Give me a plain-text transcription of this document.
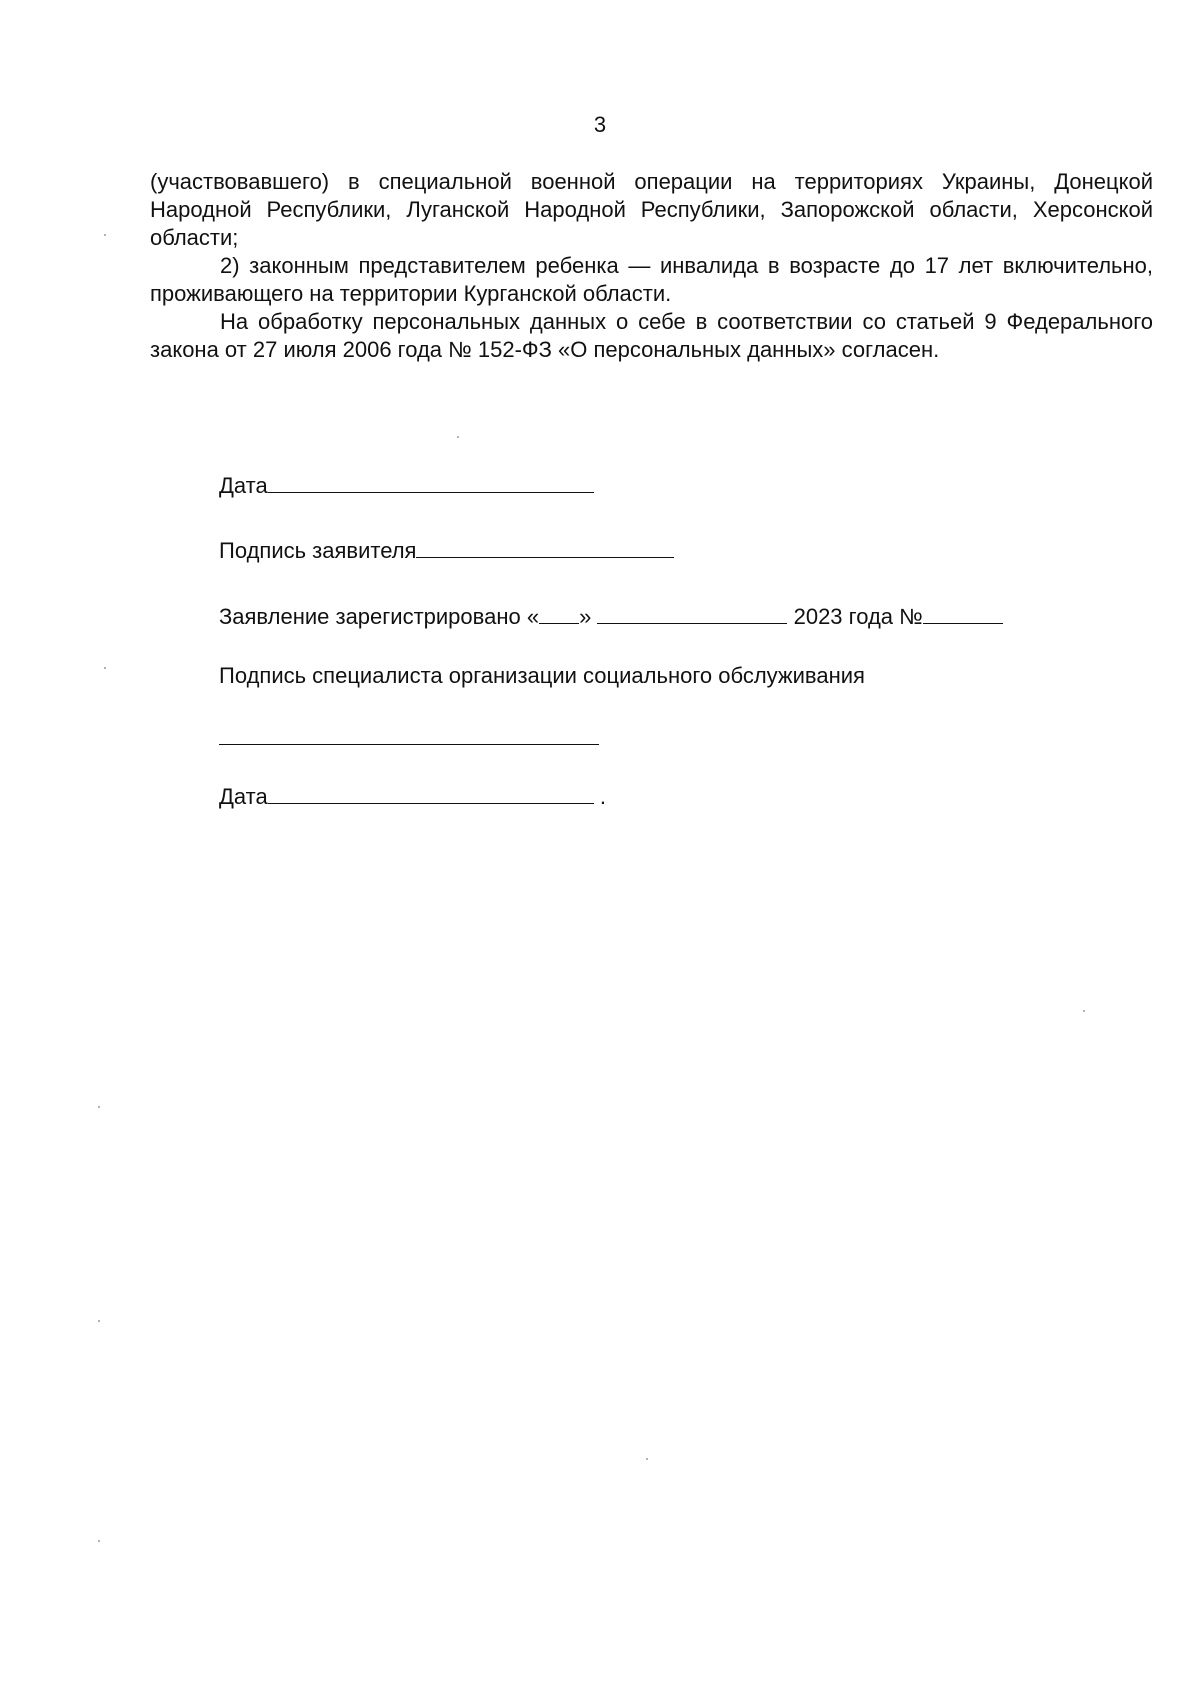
3

(участвовавшего) в специальной военной операции на территориях Украины, Донецкой Народной Республики, Луганской Народной Республики, Запорожской области, Херсонской области;

2) законным представителем ребенка — инвалида в возрасте до 17 лет включительно, проживающего на территории Курганской области.

На обработку персональных данных о себе в соответствии со статьей 9 Федерального закона от 27 июля 2006 года № 152-ФЗ «О персональных данных» согласен.

Дата
Подпись заявителя
Заявление зарегистрировано « »	2023 года №
Подпись специалиста организации социального обслуживания
Дата	.
